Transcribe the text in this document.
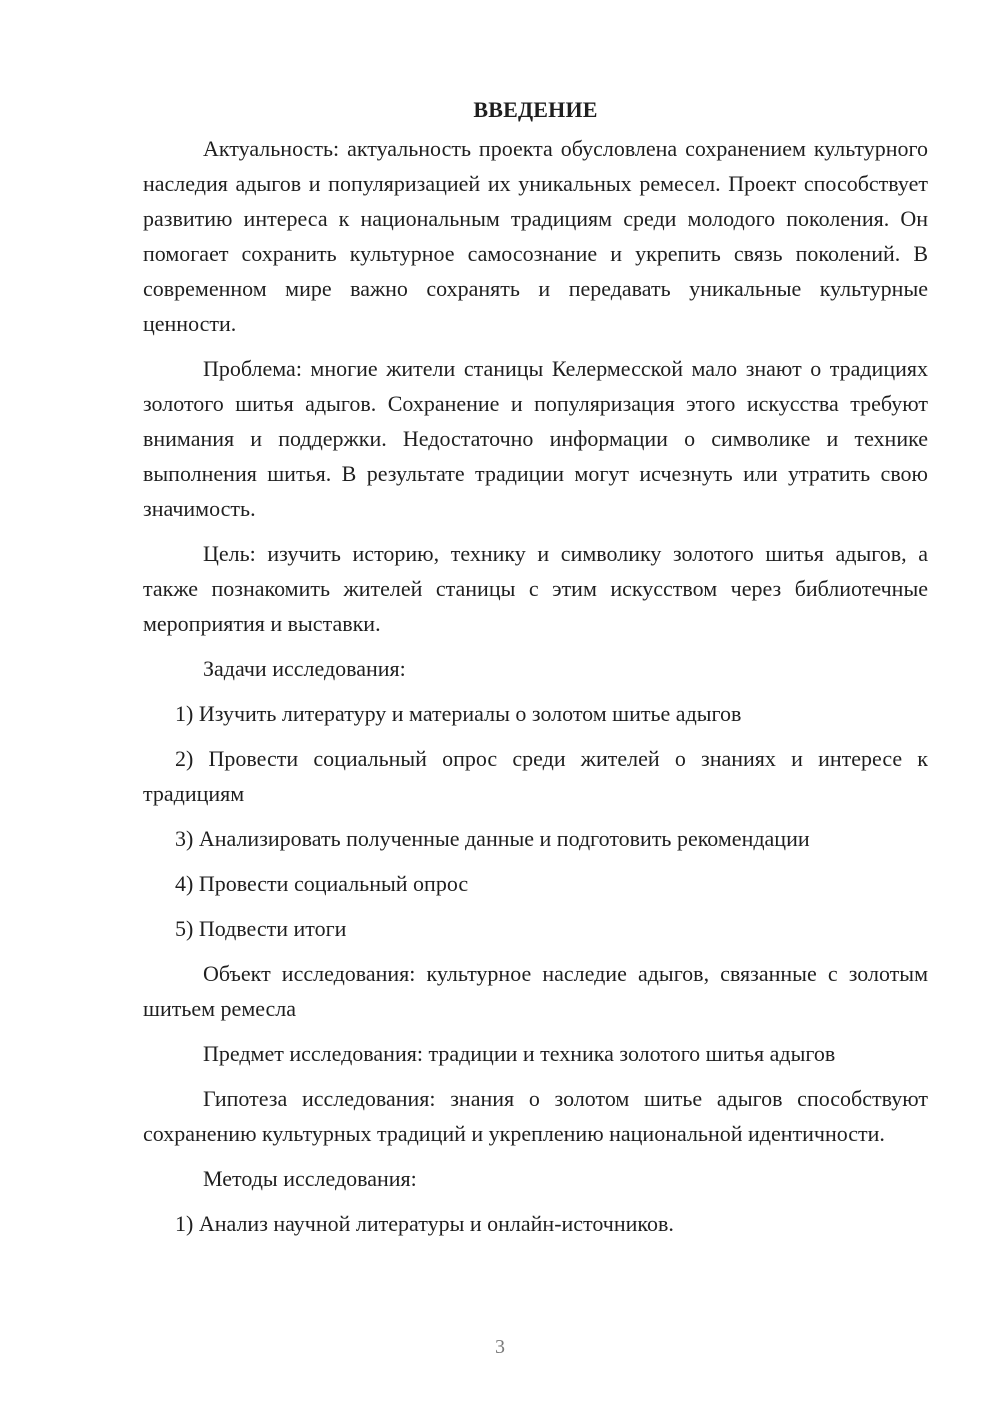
ВВЕДЕНИЕ

Актуальность: актуальность проекта обусловлена сохранением культурного наследия адыгов и популяризацией их уникальных ремесел. Проект способствует развитию интереса к национальным традициям среди молодого поколения. Он помогает сохранить культурное самосознание и укрепить связь поколений. В современном мире важно сохранять и передавать уникальные культурные ценности.

Проблема: многие жители станицы Келермесской мало знают о традициях золотого шитья адыгов. Сохранение и популяризация этого искусства требуют внимания и поддержки. Недостаточно информации о символике и технике выполнения шитья. В результате традиции могут исчезнуть или утратить свою значимость.

Цель: изучить историю, технику и символику золотого шитья адыгов, а также познакомить жителей станицы с этим искусством через библиотечные мероприятия и выставки.

Задачи исследования:

1) Изучить литературу и материалы о золотом шитье адыгов

2) Провести социальный опрос среди жителей о знаниях и интересе к традициям

3) Анализировать полученные данные и подготовить рекомендации

4) Провести социальный опрос

5) Подвести итоги

Объект исследования: культурное наследие адыгов, связанные с золотым шитьем ремесла

Предмет исследования: традиции и техника золотого шитья адыгов

Гипотеза исследования: знания о золотом шитье адыгов способствуют сохранению культурных традиций и укреплению национальной идентичности.

Методы исследования:

1) Анализ научной литературы и онлайн-источников.

3
